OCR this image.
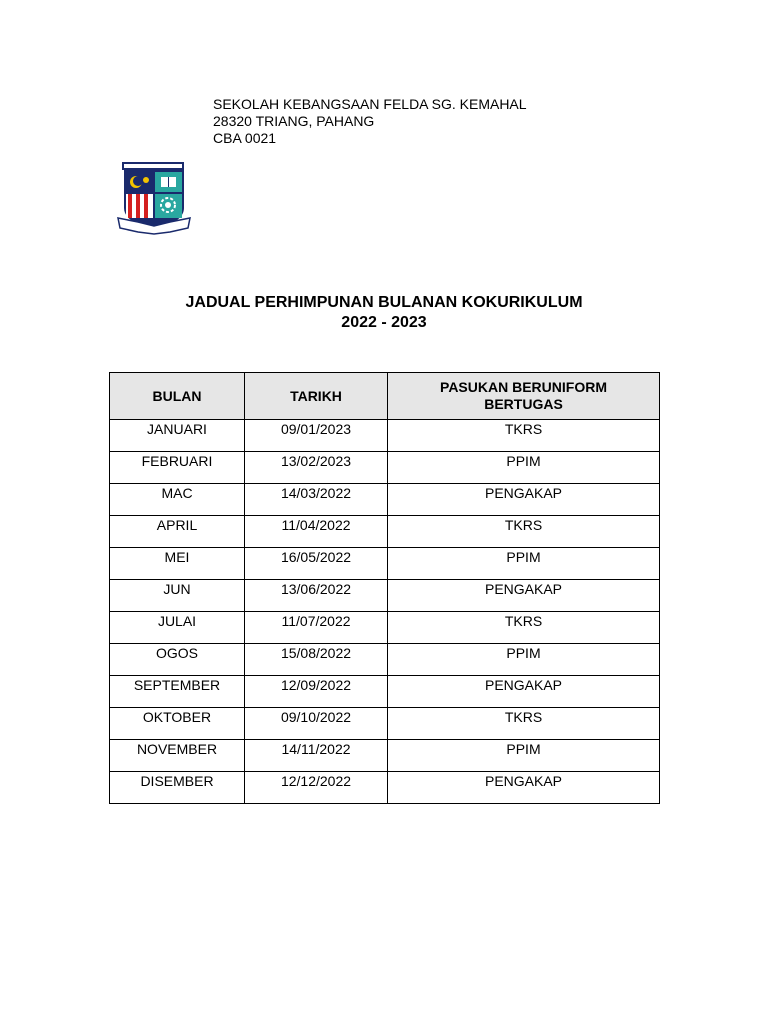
SEKOLAH KEBANGSAAN FELDA SG. KEMAHAL
28320 TRIANG, PAHANG
CBA 0021
JADUAL PERHIMPUNAN BULANAN KOKURIKULUM
2022 - 2023
BULAN	TARIKH	PASUKAN BERUNIFORM
BERTUGAS

JANUARI	09/01/2023	TKRS
FEBRUARI	13/02/2023	PPIM
MAC	14/03/2022	PENGAKAP
APRIL	11/04/2022	TKRS
MEI	16/05/2022	PPIM
JUN	13/06/2022	PENGAKAP
JULAI	11/07/2022	TKRS
OGOS	15/08/2022	PPIM
SEPTEMBER	12/09/2022	PENGAKAP
OKTOBER	09/10/2022	TKRS
NOVEMBER	14/11/2022	PPIM
DISEMBER	12/12/2022	PENGAKAP
